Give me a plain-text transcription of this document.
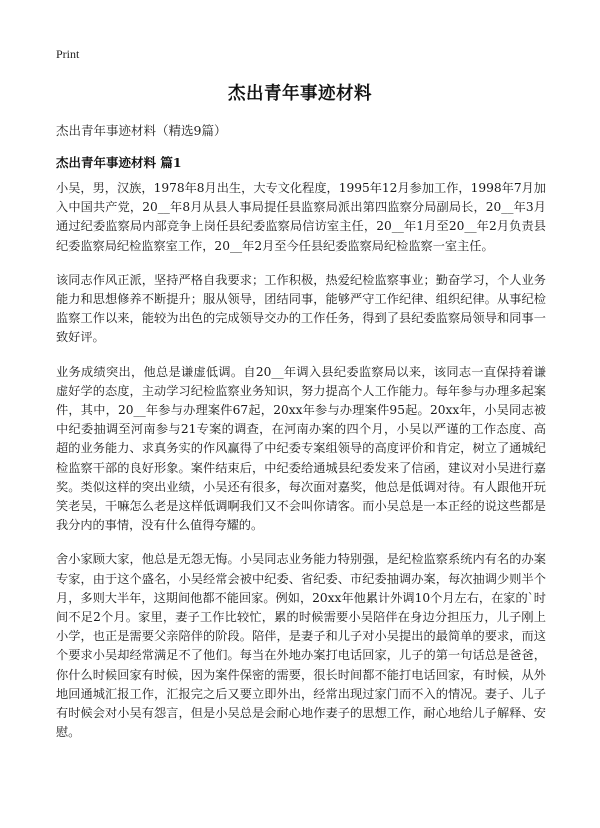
Print
杰出青年事迹材料
杰出青年事迹材料（精选9篇）
杰出青年事迹材料 篇1

小吴，男，汉族，1978年8月出生，大专文化程度，1995年12月参加工作，1998年7月加入中国共产党，20__年8月从县人事局提任县监察局派出第四监察分局副局长，20__年3月通过纪委监察局内部竞争上岗任县纪委监察局信访室主任，20__年1月至20__年2月负责县纪委监察局纪检监察室工作，20__年2月至今任县纪委监察局纪检监察一室主任。

该同志作风正派，坚持严格自我要求；工作积极，热爱纪检监察事业；勤奋学习，个人业务能力和思想修养不断提升；服从领导，团结同事，能够严守工作纪律、组织纪律。从事纪检监察工作以来，能较为出色的完成领导交办的工作任务，得到了县纪委监察局领导和同事一致好评。

业务成绩突出，他总是谦虚低调。自20__年调入县纪委监察局以来，该同志一直保持着谦虚好学的态度，主动学习纪检监察业务知识，努力提高个人工作能力。每年参与办理多起案件，其中，20__年参与办理案件67起，20xx年参与办理案件95起。20xx年，小吴同志被中纪委抽调至河南参与21专案的调查，在河南办案的四个月，小吴以严谨的工作态度、高超的业务能力、求真务实的作风赢得了中纪委专案组领导的高度评价和肯定，树立了通城纪检监察干部的良好形象。案件结束后，中纪委给通城县纪委发来了信函，建议对小吴进行嘉奖。类似这样的突出业绩，小吴还有很多，每次面对嘉奖，他总是低调对待。有人跟他开玩笑老吴，干嘛怎么老是这样低调啊我们又不会叫你请客。而小吴总是一本正经的说这些都是我分内的事情，没有什么值得夸耀的。

舍小家顾大家，他总是无怨无悔。小吴同志业务能力特别强，是纪检监察系统内有名的办案专家，由于这个盛名，小吴经常会被中纪委、省纪委、市纪委抽调办案，每次抽调少则半个月，多则大半年，这期间他都不能回家。例如，20xx年他累计外调10个月左右，在家的`时间不足2个月。家里，妻子工作比较忙，累的时候需要小吴陪伴在身边分担压力，儿子刚上小学，也正是需要父亲陪伴的阶段。陪伴，是妻子和儿子对小吴提出的最简单的要求，而这个要求小吴却经常满足不了他们。每当在外地办案打电话回家，儿子的第一句话总是爸爸，你什么时候回家有时候，因为案件保密的需要，很长时间都不能打电话回家，有时候，从外地回通城汇报工作，汇报完之后又要立即外出，经常出现过家门而不入的情况。妻子、儿子有时候会对小吴有怨言，但是小吴总是会耐心地作妻子的思想工作，耐心地给儿子解释、安慰。
